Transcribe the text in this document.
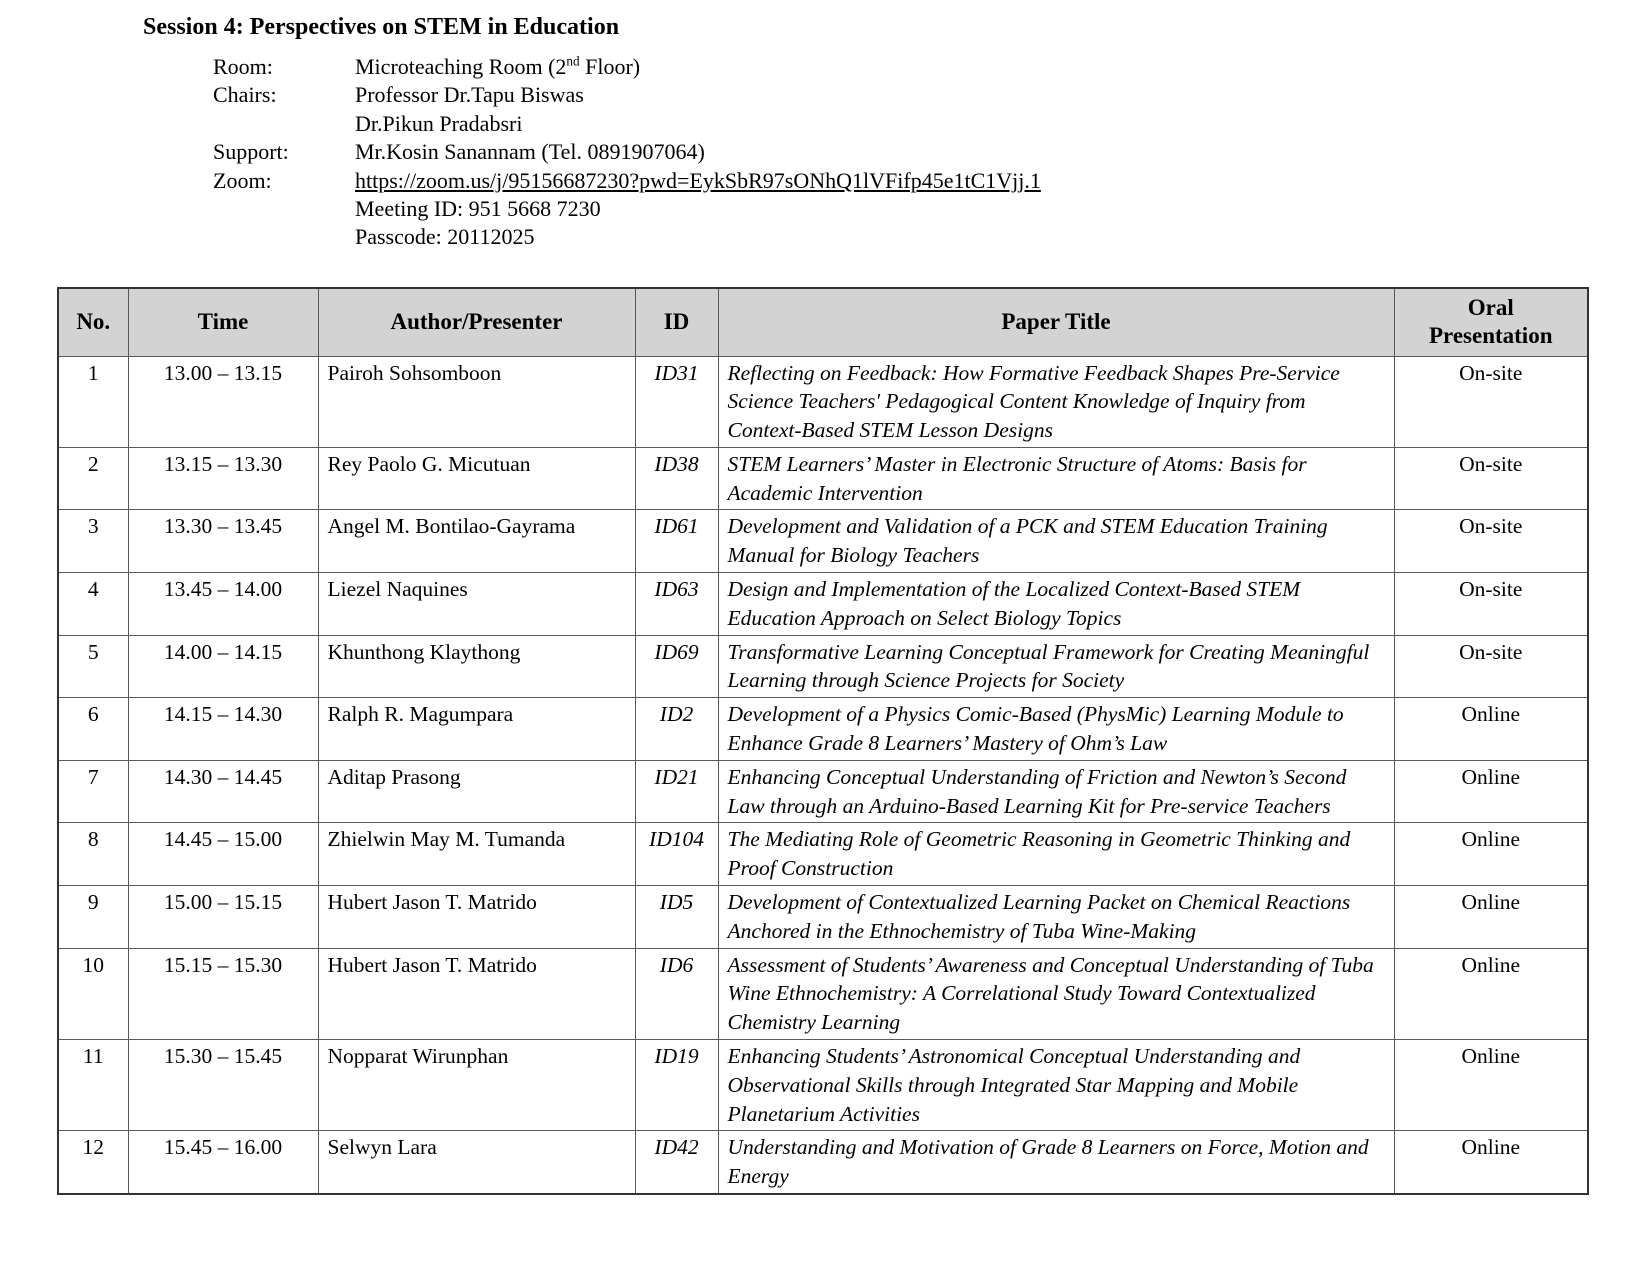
Session 4: Perspectives on STEM in Education
Room:	Microteaching Room (2nd Floor)
Chairs:	Professor Dr.Tapu Biswas
Dr.Pikun Pradabsri
Support:	Mr.Kosin Sanannam (Tel. 0891907064)
Zoom:	https://zoom.us/j/95156687230?pwd=EykSbR97sONhQ1lVFifp45e1tC1Vjj.1
Meeting ID: 951 5668 7230
Passcode: 20112025
No.	Time	Author/Presenter	ID	Paper Title	Oral Presentation
1	13.00 – 13.15	Pairoh Sohsomboon	ID31	Reflecting on Feedback: How Formative Feedback Shapes Pre-Service Science Teachers' Pedagogical Content Knowledge of Inquiry from Context-Based STEM Lesson Designs	On-site
2	13.15 – 13.30	Rey Paolo G. Micutuan	ID38	STEM Learners’ Master in Electronic Structure of Atoms: Basis for Academic Intervention	On-site
3	13.30 – 13.45	Angel M. Bontilao-Gayrama	ID61	Development and Validation of a PCK and STEM Education Training Manual for Biology Teachers	On-site
4	13.45 – 14.00	Liezel Naquines	ID63	Design and Implementation of the Localized Context-Based STEM Education Approach on Select Biology Topics	On-site
5	14.00 – 14.15	Khunthong Klaythong	ID69	Transformative Learning Conceptual Framework for Creating Meaningful Learning through Science Projects for Society	On-site
6	14.15 – 14.30	Ralph R. Magumpara	ID2	Development of a Physics Comic-Based (PhysMic) Learning Module to Enhance Grade 8 Learners’ Mastery of Ohm’s Law	Online
7	14.30 – 14.45	Aditap Prasong	ID21	Enhancing Conceptual Understanding of Friction and Newton’s Second Law through an Arduino-Based Learning Kit for Pre-service Teachers	Online
8	14.45 – 15.00	Zhielwin May M. Tumanda	ID104	The Mediating Role of Geometric Reasoning in Geometric Thinking and Proof Construction	Online
9	15.00 – 15.15	Hubert Jason T. Matrido	ID5	Development of Contextualized Learning Packet on Chemical Reactions Anchored in the Ethnochemistry of Tuba Wine-Making	Online
10	15.15 – 15.30	Hubert Jason T. Matrido	ID6	Assessment of Students’ Awareness and Conceptual Understanding of Tuba Wine Ethnochemistry: A Correlational Study Toward Contextualized Chemistry Learning	Online
11	15.30 – 15.45	Nopparat Wirunphan	ID19	Enhancing Students’ Astronomical Conceptual Understanding and Observational Skills through Integrated Star Mapping and Mobile Planetarium Activities	Online
12	15.45 – 16.00	Selwyn Lara	ID42	Understanding and Motivation of Grade 8 Learners on Force, Motion and Energy	Online
